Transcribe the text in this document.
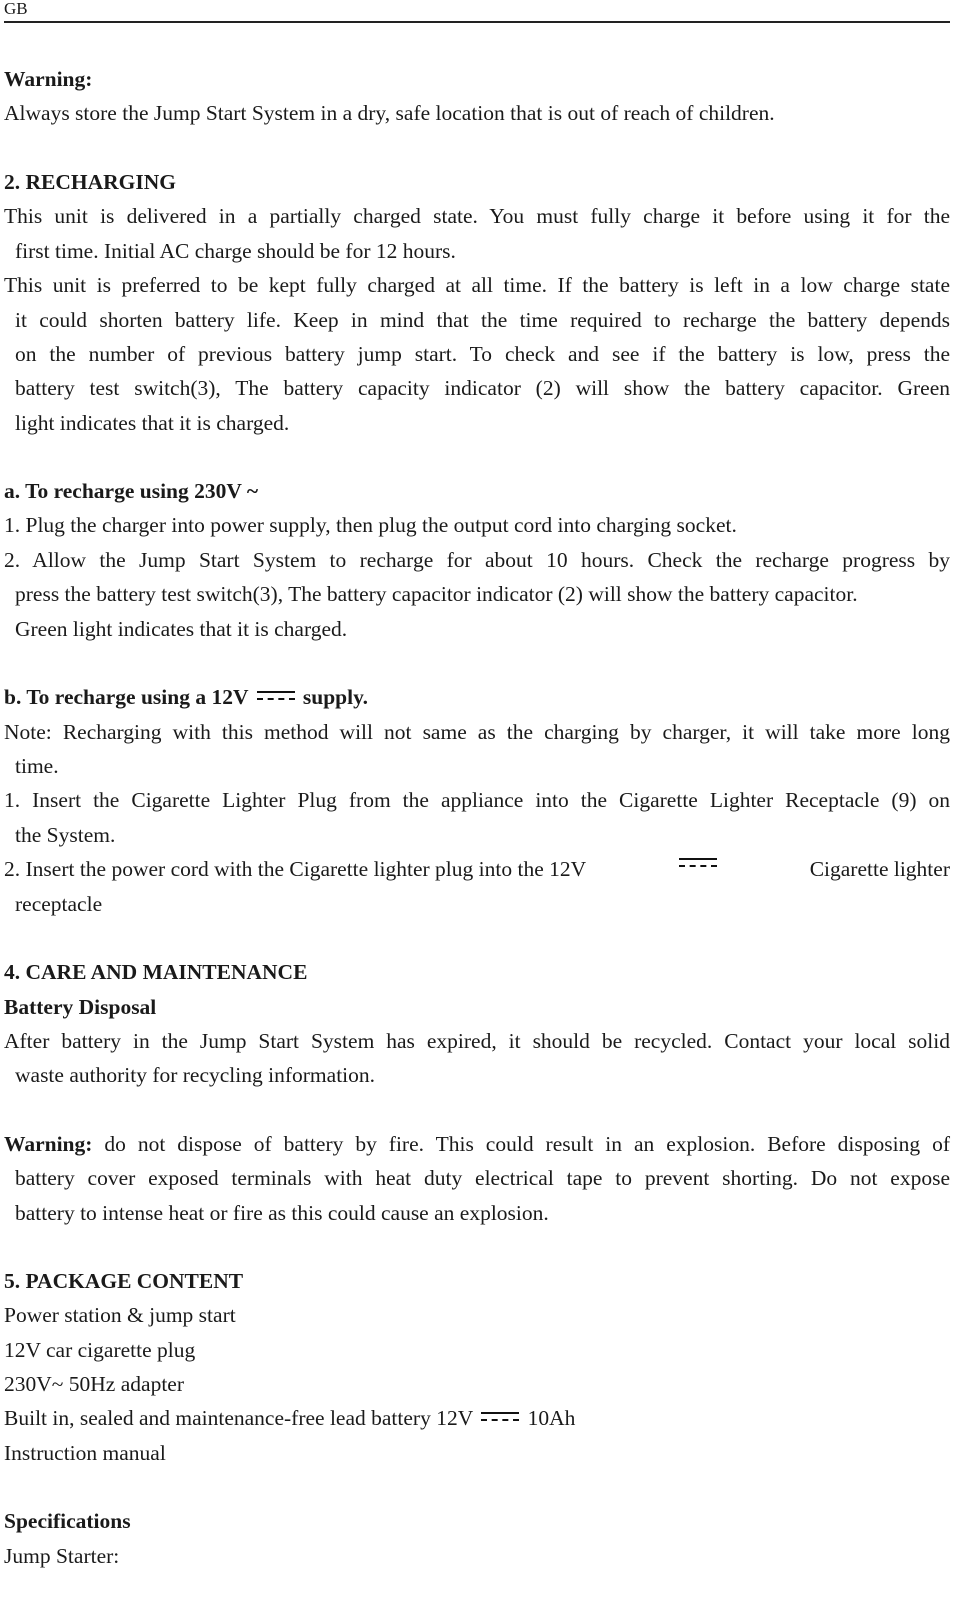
GB
Warning:
Always store the Jump Start System in a dry, safe location that is out of reach of children.
2. RECHARGING
This unit is delivered in a partially charged state. You must fully charge it before using it for the
first time. Initial AC charge should be for 12 hours.
This unit is preferred to be kept fully charged at all time. If the battery is left in a low charge state
it could shorten battery life. Keep in mind that the time required to recharge the battery depends
on the number of previous battery jump start. To check and see if the battery is low, press the
battery test switch(3), The battery capacity indicator (2) will show the battery capacitor. Green
light indicates that it is charged.
a. To recharge using 230V ~
1. Plug the charger into power supply, then plug the output cord into charging socket.
2. Allow the Jump Start System to recharge for about 10 hours. Check the recharge progress by
press the battery test switch(3), The battery capacitor indicator (2) will show the battery capacitor.
Green light indicates that it is charged.
b. To recharge using a 12V	supply.
Note: Recharging with this method will not same as the charging by charger, it will take more long
time.
1. Insert the Cigarette Lighter Plug from the appliance into the Cigarette Lighter Receptacle (9) on
the System.
2. Insert the power cord with the Cigarette lighter plug into the 12V	Cigarette lighter
receptacle
4. CARE AND MAINTENANCE
Battery Disposal
After battery in the Jump Start System has expired, it should be recycled. Contact your local solid
waste authority for recycling information.
Warning: do not dispose of battery by fire. This could result in an explosion. Before disposing of
battery cover exposed terminals with heat duty electrical tape to prevent shorting. Do not expose
battery to intense heat or fire as this could cause an explosion.
5. PACKAGE CONTENT
Power station & jump start
12V car cigarette plug
230V~ 50Hz adapter
Built in, sealed and maintenance-free lead battery 12V	10Ah
Instruction manual
Specifications
Jump Starter:
